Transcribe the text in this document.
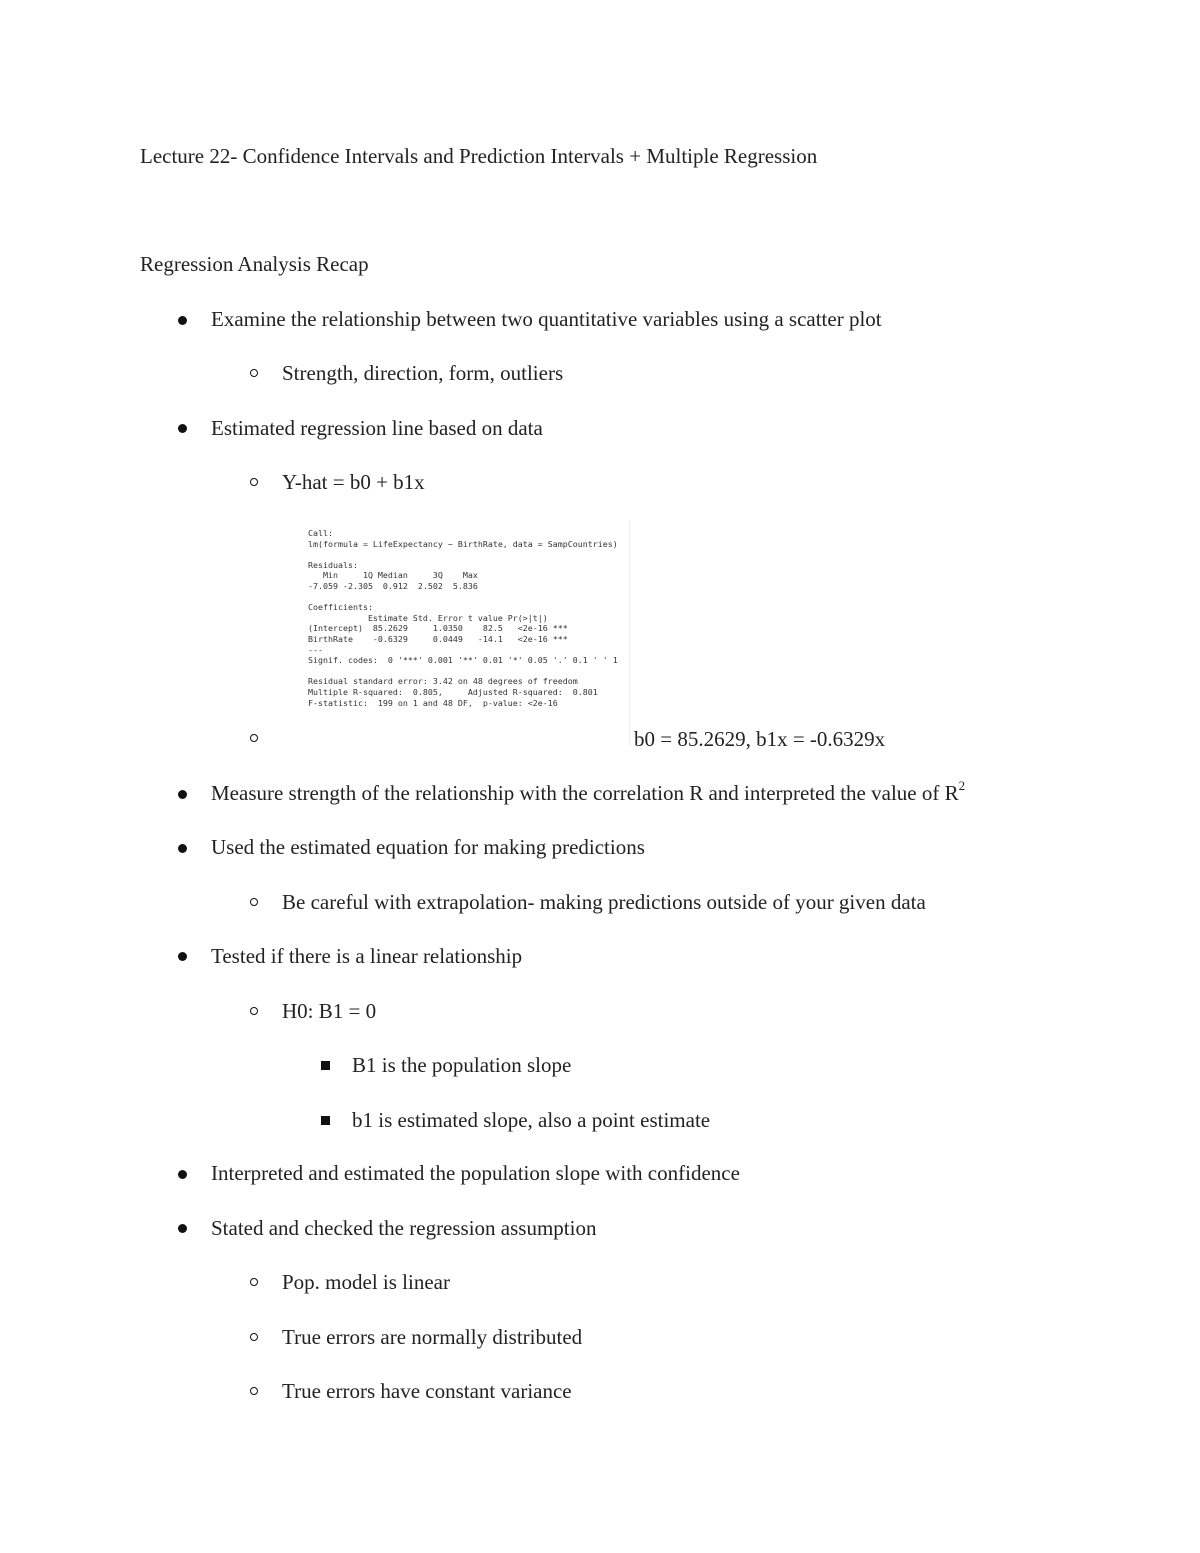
Lecture 22- Confidence Intervals and Prediction Intervals + Multiple Regression
Regression Analysis Recap
Examine the relationship between two quantitative variables using a scatter plot
Strength, direction, form, outliers
Estimated regression line based on data
Y-hat = b0 + b1x
Call:
lm(formula = LifeExpectancy ~ BirthRate, data = SampCountries)
Residuals:
Min     1Q Median     3Q    Max
-7.059 -2.305  0.912  2.502  5.836
Coefficients:
Estimate Std. Error t value Pr(>|t|)
(Intercept)  85.2629     1.0350    82.5   <2e-16 ***
BirthRate    -0.6329     0.0449   -14.1   <2e-16 ***
---
Signif. codes:  0 '***' 0.001 '**' 0.01 '*' 0.05 '.' 0.1 ' ' 1
Residual standard error: 3.42 on 48 degrees of freedom
Multiple R-squared:  0.805,     Adjusted R-squared:  0.801
F-statistic:  199 on 1 and 48 DF,  p-value: <2e-16
b0 = 85.2629, b1x = -0.6329x
Measure strength of the relationship with the correlation R and interpreted the value of $R^2$
Used the estimated equation for making predictions
Be careful with extrapolation- making predictions outside of your given data
Tested if there is a linear relationship
H0: B1 = 0
B1 is the population slope
b1 is estimated slope, also a point estimate
Interpreted and estimated the population slope with confidence
Stated and checked the regression assumption
Pop. model is linear
True errors are normally distributed
True errors have constant variance
